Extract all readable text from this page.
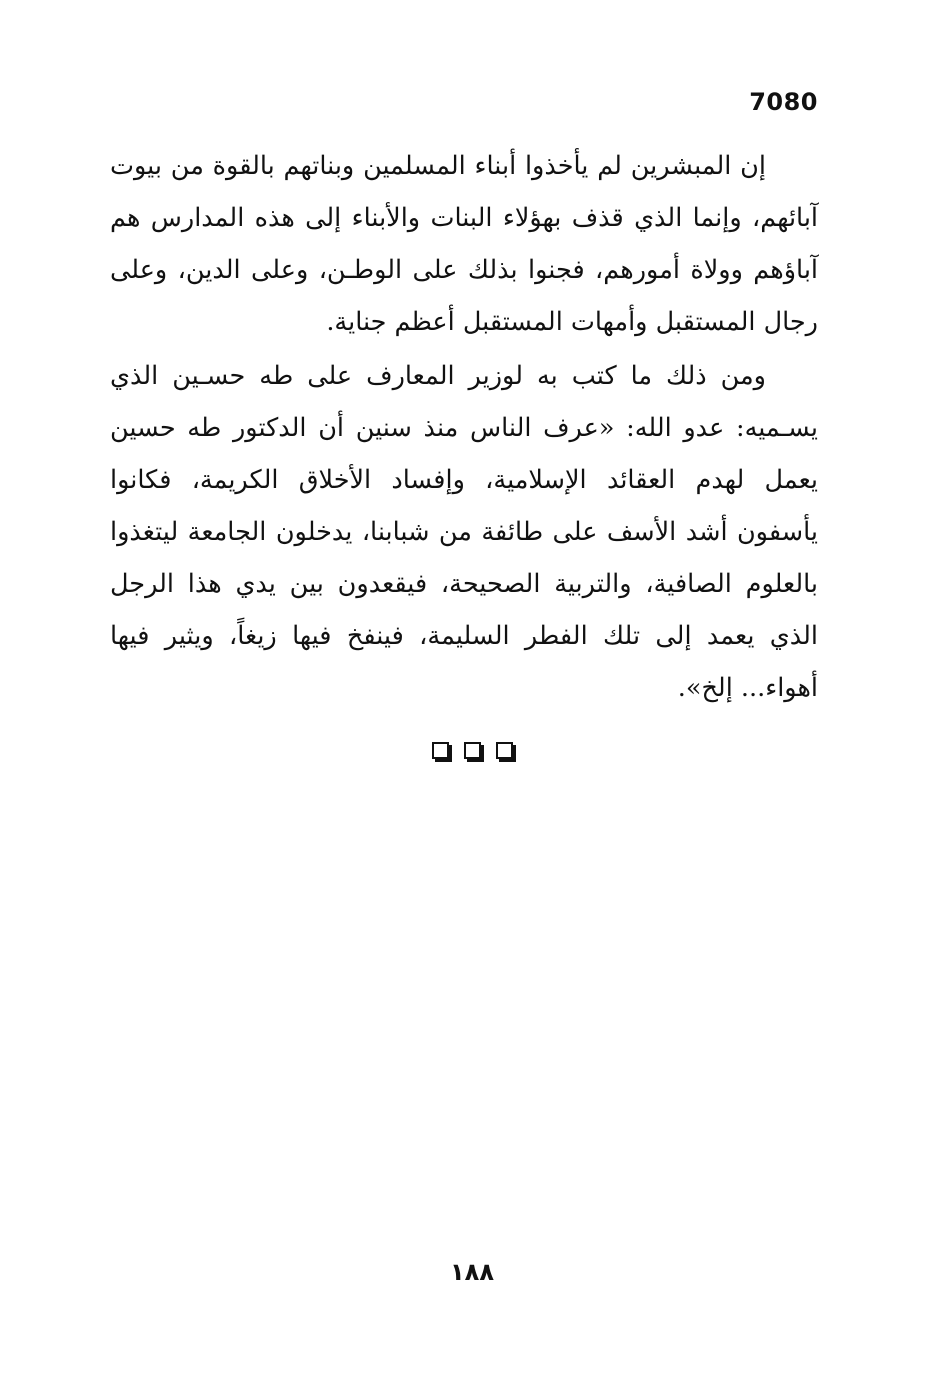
7080

إن المبشرين لم يأخذوا أبناء المسلمين وبناتهم بالقوة من بيوت آبائهم، وإنما الذي قذف بهؤلاء البنات والأبناء إلى هذه المدارس هم آباؤهم وولاة أمورهم، فجنوا بذلك على الوطـن، وعلى الدين، وعلى رجال المستقبل وأمهات المستقبل أعظم جناية.

ومن ذلك ما كتب به لوزير المعارف على طه حسـين الذي يسـميه: عدو الله: «عرف الناس منذ سنين أن الدكتور طه حسين يعمل لهدم العقائد الإسلامية، وإفساد الأخلاق الكريمة، فكانوا يأسفون أشد الأسف على طائفة من شبابنا، يدخلون الجامعة ليتغذوا بالعلوم الصافية، والتربية الصحيحة، فيقعدون بين يدي هذا الرجل الذي يعمد إلى تلك الفطر السليمة، فينفخ فيها زيغاً، ويثير فيها أهواء... إلخ».

١٨٨
